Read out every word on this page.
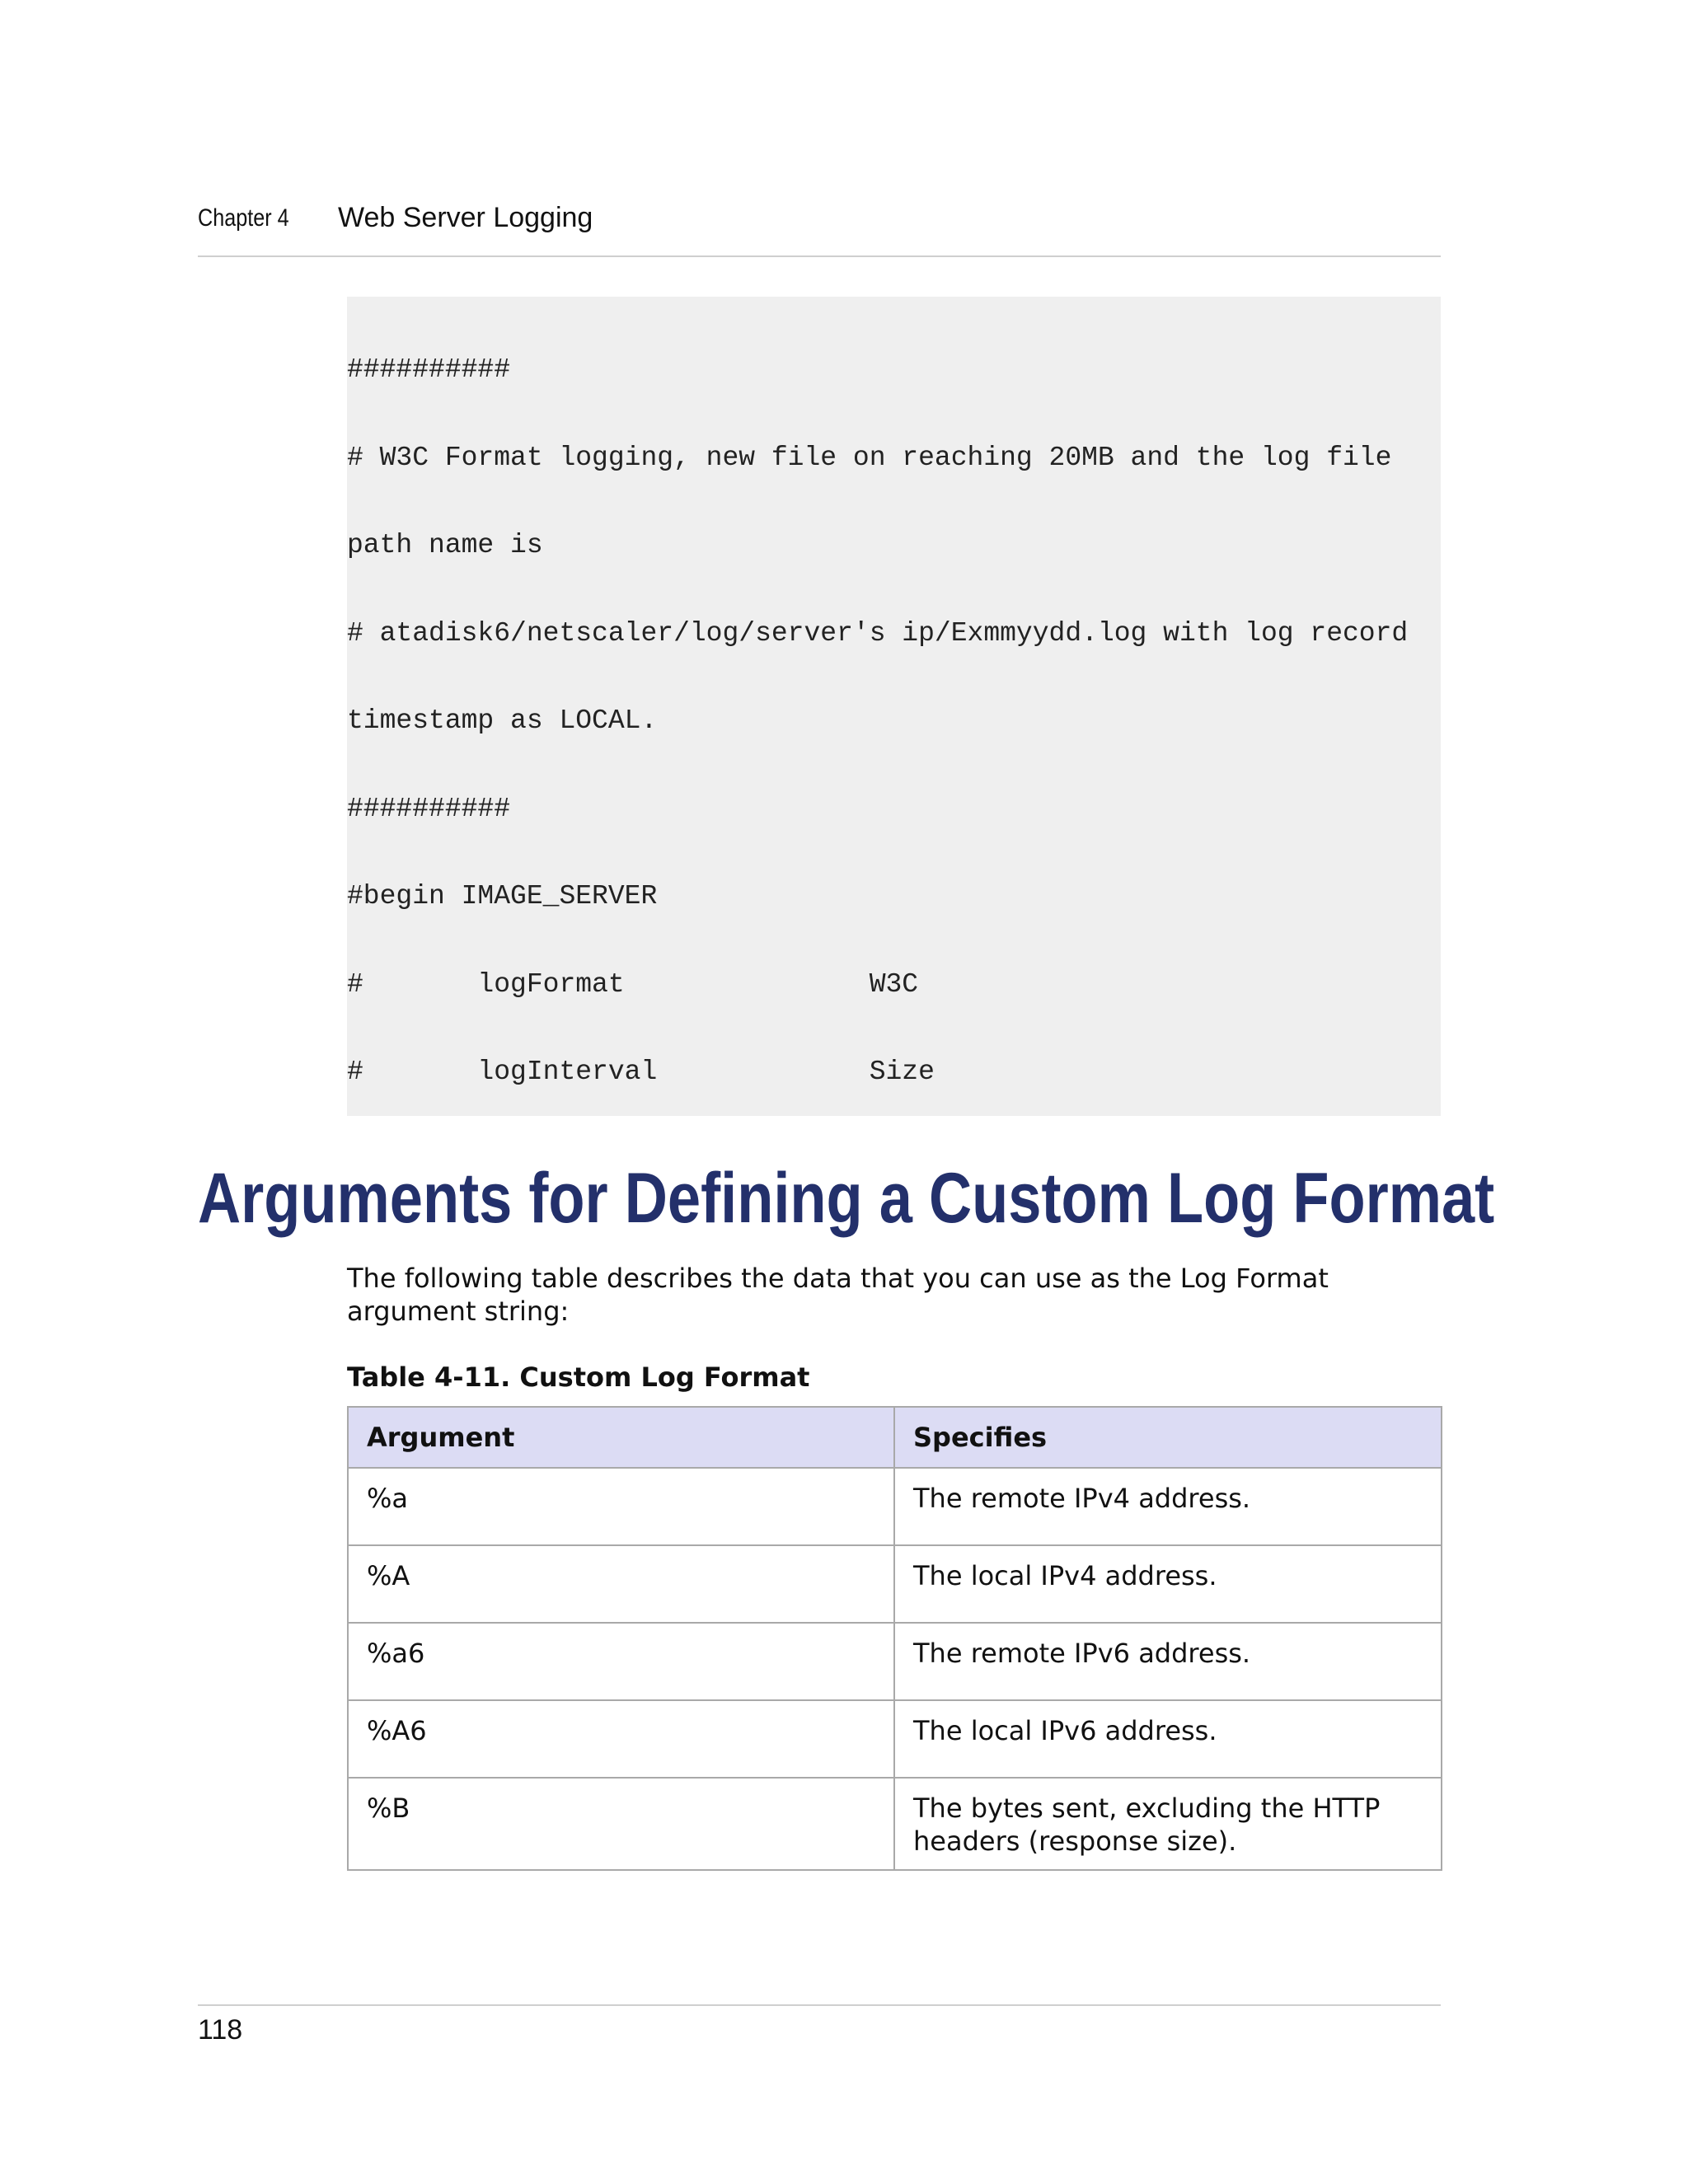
Chapter 4 Web Server Logging

##########

# W3C Format logging, new file on reaching 20MB and the log file

path name is

# atadisk6/netscaler/log/server's ip/Exmmyydd.log with log record

timestamp as LOCAL.

##########

#begin IMAGE_SERVER

#       logFormat               W3C

#       logInterval             Size

Arguments for Defining a Custom Log Format

The following table describes the data that you can use as the Log Format argument string:

Table 4-11. Custom Log Format

Argument	Specifies
%a	The remote IPv4 address.
%A	The local IPv4 address.
%a6	The remote IPv6 address.
%A6	The local IPv6 address.
%B	The bytes sent, excluding the HTTP headers (response size).
118
